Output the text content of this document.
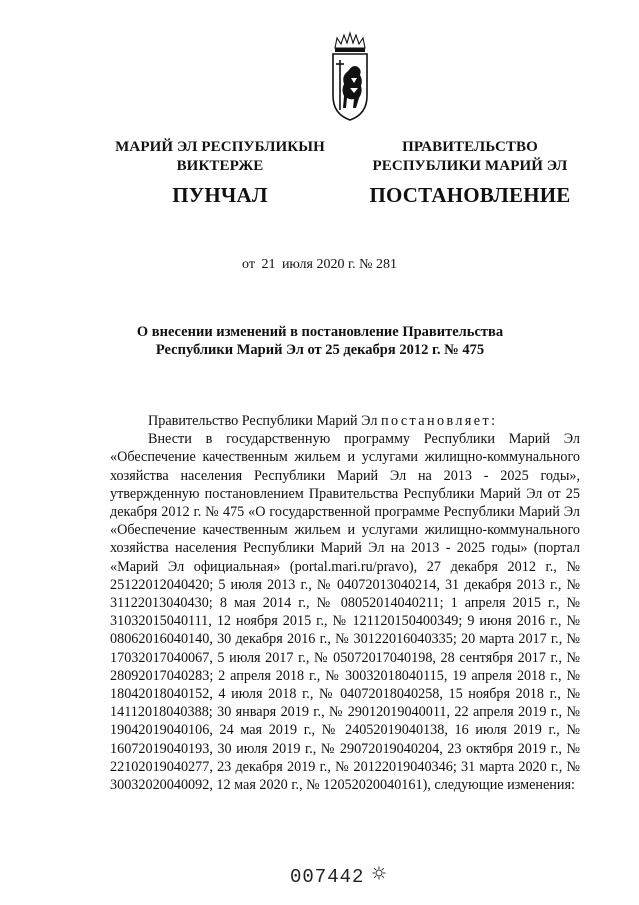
МАРИЙ ЭЛ РЕСПУБЛИКЫН
ВИКТЕРЖЕ
ПУНЧАЛ
ПРАВИТЕЛЬСТВО
РЕСПУБЛИКИ МАРИЙ ЭЛ
ПОСТАНОВЛЕНИЕ
от 21 июля 2020 г. № 281
О внесении изменений в постановление Правительства
Республики Марий Эл от 25 декабря 2012 г. № 475

Правительство Республики Марий Эл постановляет:

Внести в государственную программу Республики Марий Эл «Обеспечение качественным жильем и услугами жилищно-коммунального хозяйства населения Республики Марий Эл на 2013 - 2025 годы», утвержденную постановлением Правительства Республики Марий Эл от 25 декабря 2012 г. № 475 «О государственной программе Республики Марий Эл «Обеспечение качественным жильем и услугами жилищно-коммунального хозяйства населения Республики Марий Эл на 2013 - 2025 годы» (портал «Марий Эл официальная» (portal.mari.ru/pravo), 27 декабря 2012 г., № 25122012040420; 5 июля 2013 г., № 04072013040214, 31 декабря 2013 г., № 31122013040430; 8 мая 2014 г., № 08052014040211; 1 апреля 2015 г., № 31032015040111, 12 ноября 2015 г., № 121120150400349; 9 июня 2016 г., № 08062016040140, 30 декабря 2016 г., № 30122016040335; 20 марта 2017 г., № 17032017040067, 5 июля 2017 г., № 05072017040198, 28 сентября 2017 г., № 28092017040283; 2 апреля 2018 г., № 30032018040115, 19 апреля 2018 г., № 18042018040152, 4 июля 2018 г., № 04072018040258, 15 ноября 2018 г., № 14112018040388; 30 января 2019 г., № 29012019040011, 22 апреля 2019 г., № 19042019040106, 24 мая 2019 г., № 24052019040138, 16 июля 2019 г., № 16072019040193, 30 июля 2019 г., № 29072019040204, 23 октября 2019 г., № 22102019040277, 23 декабря 2019 г., № 20122019040346; 31 марта 2020 г., № 30032020040092, 12 мая 2020 г., № 12052020040161), следующие изменения:

007442
